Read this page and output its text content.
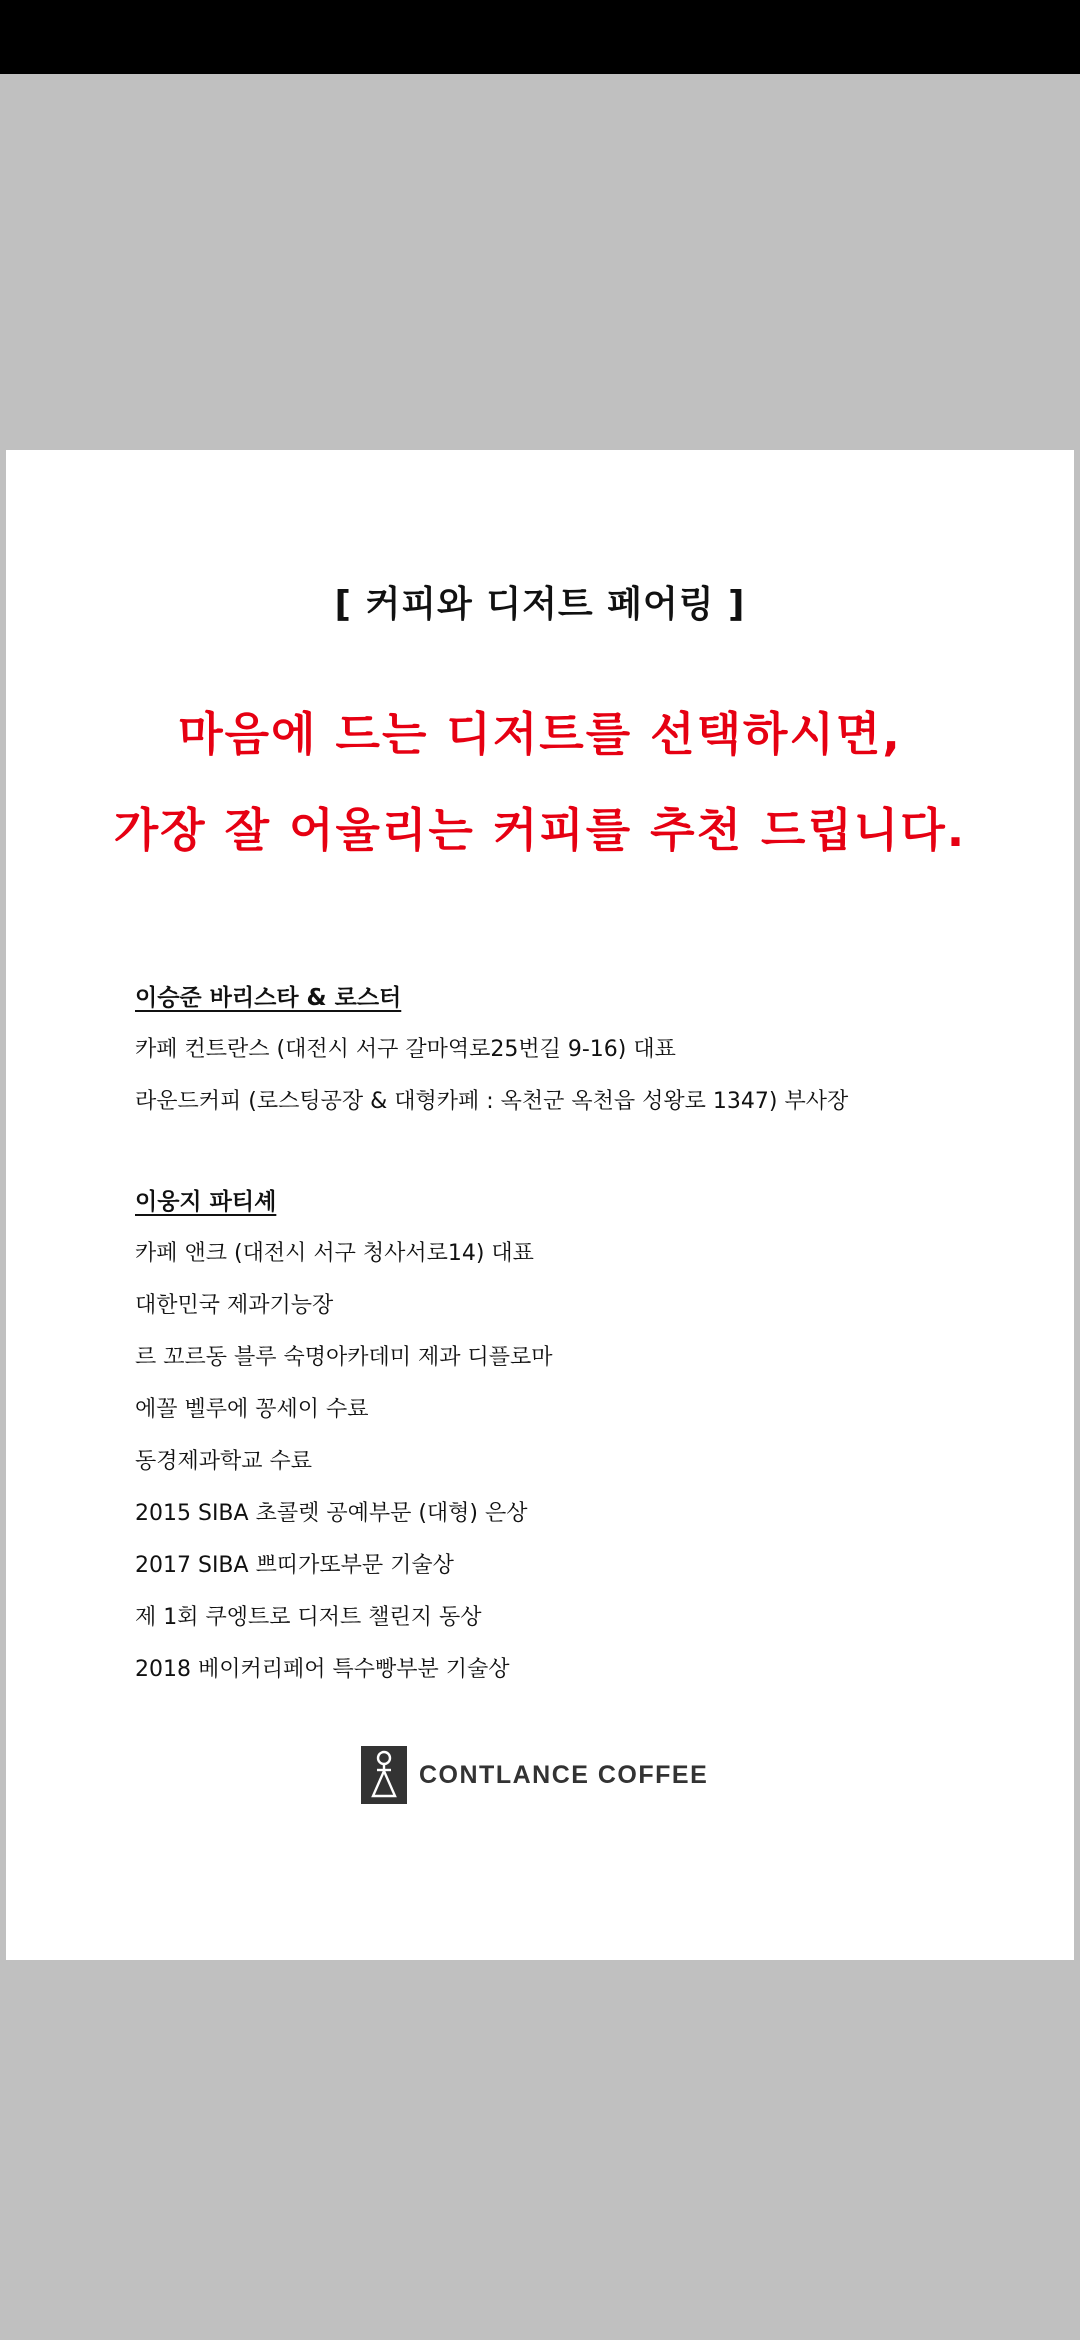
[ 커피와 디저트 페어링 ]
마음에 드는 디저트를 선택하시면,
가장 잘 어울리는 커피를 추천 드립니다.
이승준 바리스타 & 로스터
카페 컨트란스 (대전시 서구 갈마역로25번길 9-16) 대표
라운드커피 (로스팅공장 & 대형카페 : 옥천군 옥천읍 성왕로 1347) 부사장
이웅지 파티셰
카페 앤크 (대전시 서구 청사서로14) 대표
대한민국 제과기능장
르 꼬르동 블루 숙명아카데미 제과 디플로마
에꼴 벨루에 꽁세이 수료
동경제과학교 수료
2015 SIBA 초콜렛 공예부문 (대형) 은상
2017 SIBA 쁘띠가또부문 기술상
제 1회 쿠엥트로 디저트 챌린지 동상
2018 베이커리페어 특수빵부분 기술상
CONTLANCE COFFEE
